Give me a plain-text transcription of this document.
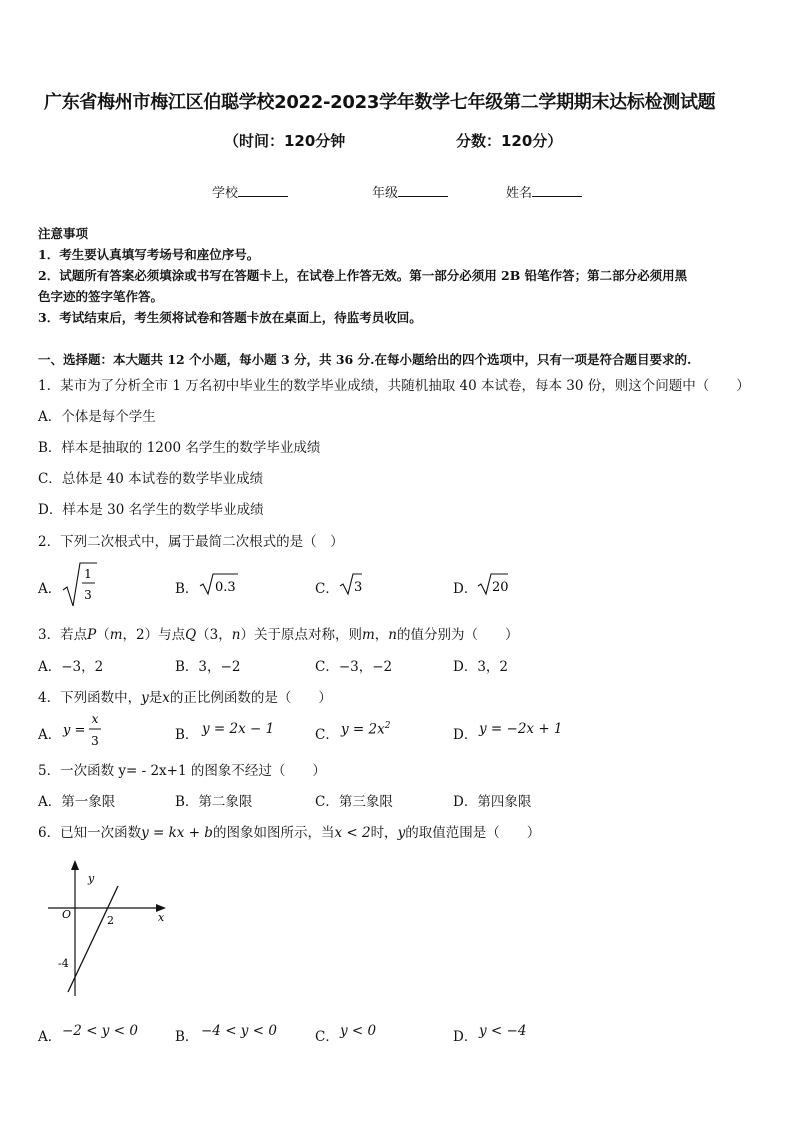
广东省梅州市梅江区伯聪学校2022-2023学年数学七年级第二学期期末达标检测试题
（时间：120分钟	分数：120分）
学校	年级	姓名
注意事项
1．考生要认真填写考场号和座位序号。
2．试题所有答案必须填涂或书写在答题卡上，在试卷上作答无效。第一部分必须用 2B 铅笔作答；第二部分必须用黑
色字迹的签字笔作答。
3．考试结束后，考生须将试卷和答题卡放在桌面上，待监考员收回。
一、选择题：本大题共 12 个小题，每小题 3 分，共 36 分.在每小题给出的四个选项中，只有一项是符合题目要求的.
1．某市为了分析全市 1 万名初中毕业生的数学毕业成绩，共随机抽取 40 本试卷，每本 30 份，则这个问题中（　　）
A．个体是每个学生
B．样本是抽取的 1200 名学生的数学毕业成绩
C．总体是 40 本试卷的数学毕业成绩
D．样本是 30 名学生的数学毕业成绩
2．下列二次根式中，属于最简二次根式的是（　）
A．
1
3	B． 0.3	C． 3	D． 20
3．若点P（m，2）与点Q（3，n）关于原点对称，则m，n的值分别为（　　）
A．−3，2	B．3，−2	C．−3，−2	D．3，2
4．下列函数中，y是x的正比例函数的是（　　）
A． y =
x
3	B． y = 2x − 1	C． $y = 2x^2$
D． y = −2x + 1
5．一次函数 y= - 2x+1 的图象不经过（　　）
A．第一象限	B．第二象限	C．第三象限	D．第四象限
6．已知一次函数y = kx + b的图象如图所示，当x < 2时，y的取值范围是（　　）
y
x
O	2
-4
A． −2 < y < 0	B． −4 < y < 0	C． y < 0	D． y < −4
